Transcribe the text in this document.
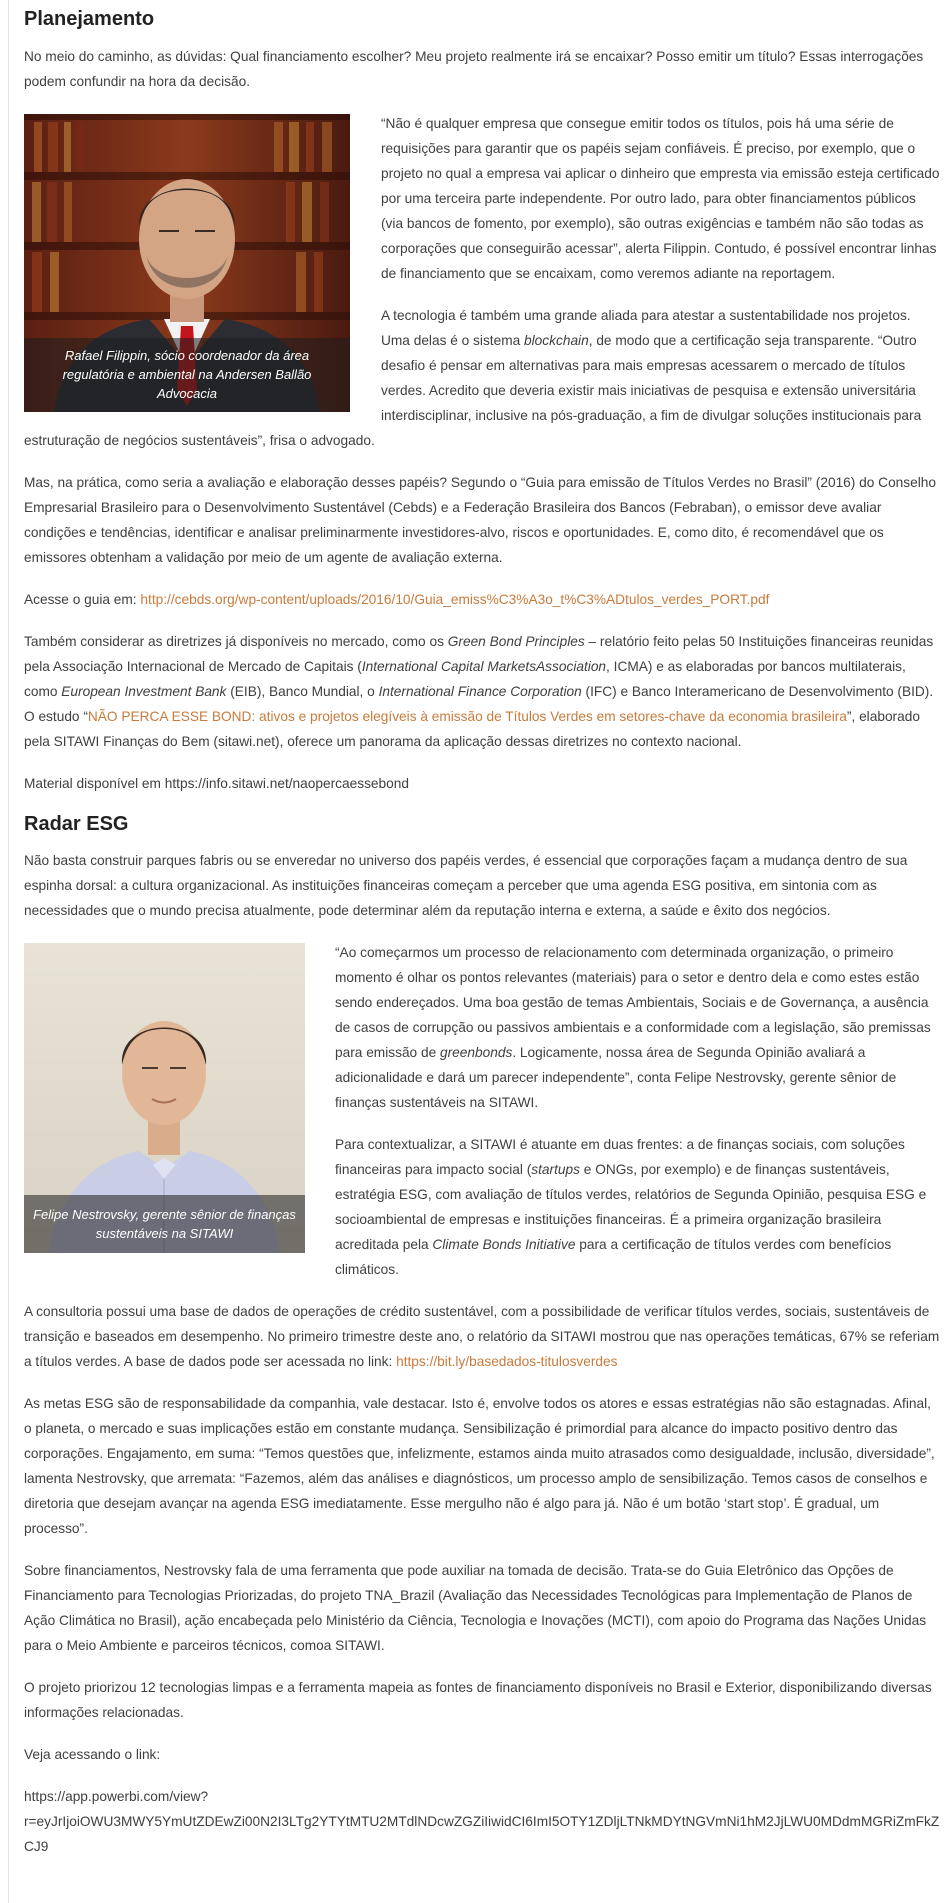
Planejamento

No meio do caminho, as dúvidas: Qual financiamento escolher? Meu projeto realmente irá se encaixar? Posso emitir um título? Essas interrogações podem confundir na hora da decisão.

Rafael Filippin, sócio coordenador da área regulatória e ambiental na Andersen Ballão Advocacia

“Não é qualquer empresa que consegue emitir todos os títulos, pois há uma série de requisições para garantir que os papéis sejam confiáveis. É preciso, por exemplo, que o projeto no qual a empresa vai aplicar o dinheiro que empresta via emissão esteja certificado por uma terceira parte independente. Por outro lado, para obter financiamentos públicos (via bancos de fomento, por exemplo), são outras exigências e também não são todas as corporações que conseguirão acessar”, alerta Filippin. Contudo, é possível encontrar linhas de financiamento que se encaixam, como veremos adiante na reportagem.

A tecnologia é também uma grande aliada para atestar a sustentabilidade nos projetos. Uma delas é o sistema blockchain, de modo que a certificação seja transparente. “Outro desafio é pensar em alternativas para mais empresas acessarem o mercado de títulos verdes. Acredito que deveria existir mais iniciativas de pesquisa e extensão universitária interdisciplinar, inclusive na pós-graduação, a fim de divulgar soluções institucionais para estruturação de negócios sustentáveis”, frisa o advogado.

Mas, na prática, como seria a avaliação e elaboração desses papéis? Segundo o “Guia para emissão de Títulos Verdes no Brasil” (2016) do Conselho Empresarial Brasileiro para o Desenvolvimento Sustentável (Cebds) e a Federação Brasileira dos Bancos (Febraban), o emissor deve avaliar condições e tendências, identificar e analisar preliminarmente investidores-alvo, riscos e oportunidades. E, como dito, é recomendável que os emissores obtenham a validação por meio de um agente de avaliação externa.

Acesse o guia em: http://cebds.org/wp-content/uploads/2016/10/Guia_emiss%C3%A3o_t%C3%ADtulos_verdes_PORT.pdf

Também considerar as diretrizes já disponíveis no mercado, como os Green Bond Principles – relatório feito pelas 50 Instituições financeiras reunidas pela Associação Internacional de Mercado de Capitais (International Capital MarketsAssociation, ICMA) e as elaboradas por bancos multilaterais, como European Investment Bank (EIB), Banco Mundial, o International Finance Corporation (IFC) e Banco Interamericano de Desenvolvimento (BID). O estudo “NÃO PERCA ESSE BOND: ativos e projetos elegíveis à emissão de Títulos Verdes em setores-chave da economia brasileira”, elaborado pela SITAWI Finanças do Bem (sitawi.net), oferece um panorama da aplicação dessas diretrizes no contexto nacional.

Material disponível em https://info.sitawi.net/naopercaessebond

Radar ESG

Não basta construir parques fabris ou se enveredar no universo dos papéis verdes, é essencial que corporações façam a mudança dentro de sua espinha dorsal: a cultura organizacional. As instituições financeiras começam a perceber que uma agenda ESG positiva, em sintonia com as necessidades que o mundo precisa atualmente, pode determinar além da reputação interna e externa, a saúde e êxito dos negócios.

Felipe Nestrovsky, gerente sênior de finanças sustentáveis na SITAWI

“Ao começarmos um processo de relacionamento com determinada organização, o primeiro momento é olhar os pontos relevantes (materiais) para o setor e dentro dela e como estes estão sendo endereçados. Uma boa gestão de temas Ambientais, Sociais e de Governança, a ausência de casos de corrupção ou passivos ambientais e a conformidade com a legislação, são premissas para emissão de greenbonds. Logicamente, nossa área de Segunda Opinião avaliará a adicionalidade e dará um parecer independente”, conta Felipe Nestrovsky, gerente sênior de finanças sustentáveis na SITAWI.

Para contextualizar, a SITAWI é atuante em duas frentes: a de finanças sociais, com soluções financeiras para impacto social (startups e ONGs, por exemplo) e de finanças sustentáveis, estratégia ESG, com avaliação de títulos verdes, relatórios de Segunda Opinião, pesquisa ESG e socioambiental de empresas e instituições financeiras. É a primeira organização brasileira acreditada pela Climate Bonds Initiative para a certificação de títulos verdes com benefícios climáticos.

A consultoria possui uma base de dados de operações de crédito sustentável, com a possibilidade de verificar títulos verdes, sociais, sustentáveis de transição e baseados em desempenho. No primeiro trimestre deste ano, o relatório da SITAWI mostrou que nas operações temáticas, 67% se referiam a títulos verdes. A base de dados pode ser acessada no link: https://bit.ly/basedados-titulosverdes

As metas ESG são de responsabilidade da companhia, vale destacar. Isto é, envolve todos os atores e essas estratégias não são estagnadas. Afinal, o planeta, o mercado e suas implicações estão em constante mudança. Sensibilização é primordial para alcance do impacto positivo dentro das corporações. Engajamento, em suma: “Temos questões que, infelizmente, estamos ainda muito atrasados como desigualdade, inclusão, diversidade”, lamenta Nestrovsky, que arremata: “Fazemos, além das análises e diagnósticos, um processo amplo de sensibilização. Temos casos de conselhos e diretoria que desejam avançar na agenda ESG imediatamente. Esse mergulho não é algo para já. Não é um botão ‘start stop’. É gradual, um processo”.

Sobre financiamentos, Nestrovsky fala de uma ferramenta que pode auxiliar na tomada de decisão. Trata-se do Guia Eletrônico das Opções de Financiamento para Tecnologias Priorizadas, do projeto TNA_Brazil (Avaliação das Necessidades Tecnológicas para Implementação de Planos de Ação Climática no Brasil), ação encabeçada pelo Ministério da Ciência, Tecnologia e Inovações (MCTI), com apoio do Programa das Nações Unidas para o Meio Ambiente e parceiros técnicos, comoa SITAWI.

O projeto priorizou 12 tecnologias limpas e a ferramenta mapeia as fontes de financiamento disponíveis no Brasil e Exterior, disponibilizando diversas informações relacionadas.

Veja acessando o link:

https://app.powerbi.com/view?
r=eyJrIjoiOWU3MWY5YmUtZDEwZi00N2I3LTg2YTYtMTU2MTdlNDcwZGZiIiwidCI6ImI5OTY1ZDljLTNkMDYtNGVmNi1hM2JjLWU0MDdmMGRiZmFkZCJ9
